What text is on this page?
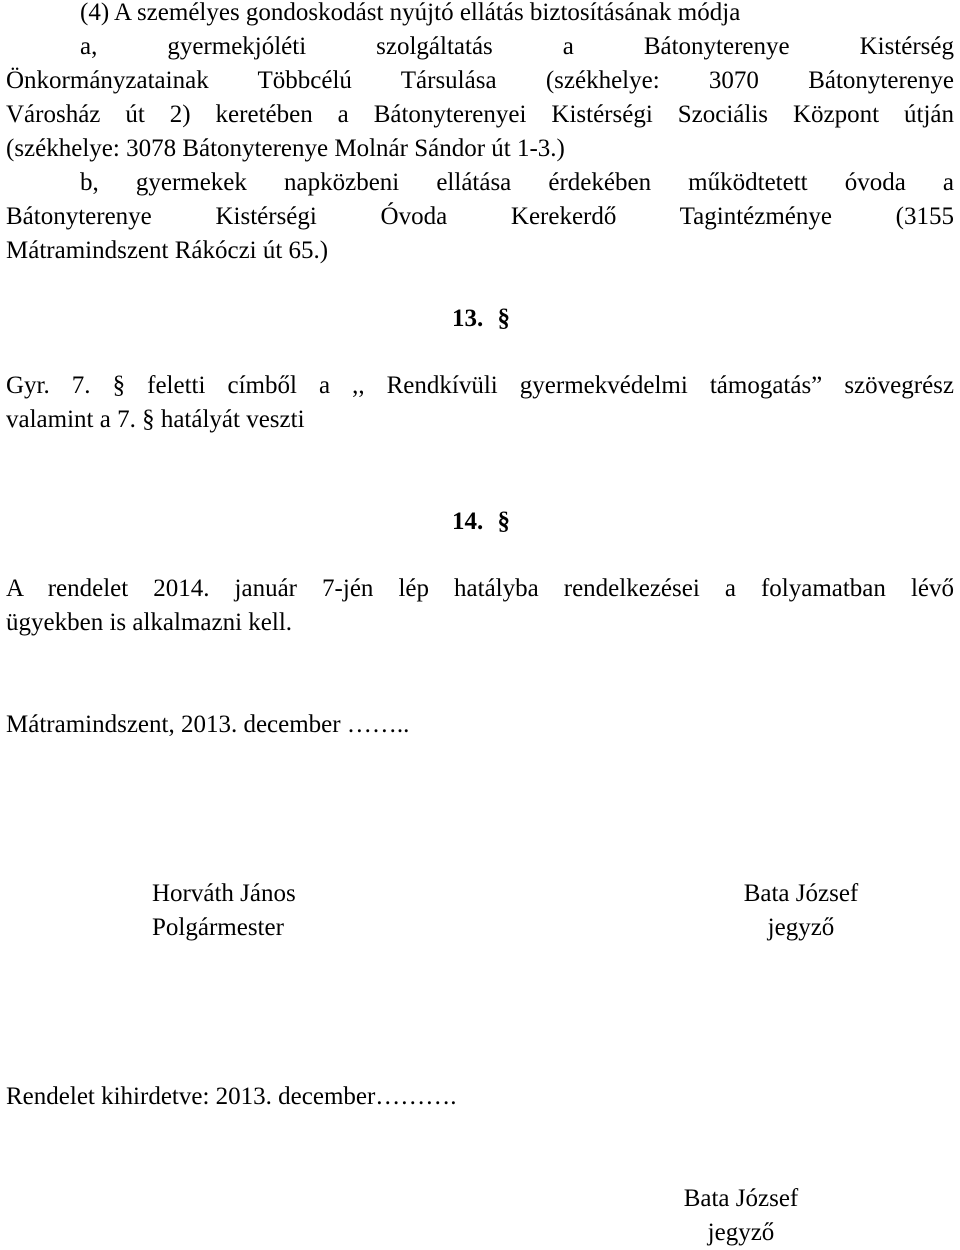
(4) A személyes gondoskodást nyújtó ellátás biztosításának módja
a, gyermekjóléti szolgáltatás a Bátonyterenye Kistérség
Önkormányzatainak Többcélú Társulása (székhelye: 3070 Bátonyterenye
Városház út 2) keretében a Bátonyterenyei Kistérségi Szociális Központ útján
(székhelye: 3078 Bátonyterenye Molnár Sándor út 1-3.)
b, gyermekek napközbeni ellátása érdekében működtetett óvoda a
Bátonyterenye Kistérségi Óvoda Kerekerdő Tagintézménye (3155
Mátramindszent Rákóczi út 65.)
13. §
Gyr. 7. § feletti címből a ,, Rendkívüli gyermekvédelmi támogatás” szövegrész
valamint a 7. § hatályát veszti
14. §
A rendelet 2014. január 7-jén lép hatályba rendelkezései a folyamatban lévő
ügyekben is alkalmazni kell.
Mátramindszent, 2013. december ……..
Horváth János
Polgármester
Bata József
jegyző
Rendelet kihirdetve: 2013. december……….
Bata József
jegyző
